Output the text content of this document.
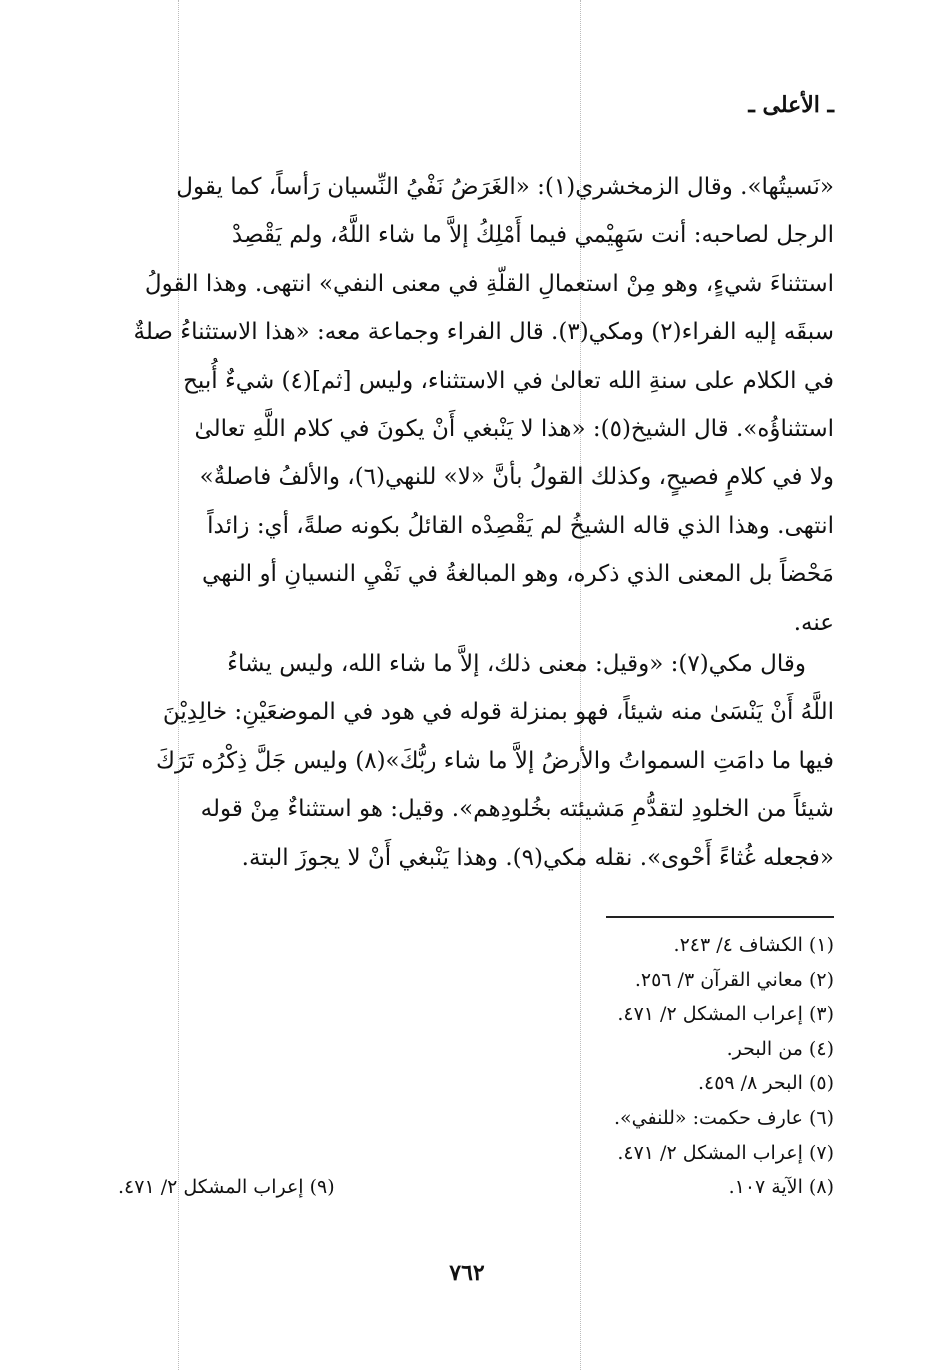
ـ الأعلى ـ
«نَسيتُها». وقال الزمخشري(١): «الغَرَضُ نَفْيُ النِّسيان رَأساً، كما يقول
الرجل لصاحبه: أنت سَهِيْمي فيما أَمْلِكُ إلاَّ ما شاء اللَّهُ، ولم يَقْصِدْ
استثناءَ شيءٍ، وهو مِنْ استعمالِ القلّةِ في معنى النفي» انتهى. وهذا القولُ
سبقَه إليه الفراء(٢) ومكي(٣). قال الفراء وجماعة معه: «هذا الاستثناءُ صلةٌ
في الكلام على سنةِ الله تعالىٰ في الاستثناء، وليس [ثم](٤) شيءٌ أُبيح
استثناؤُه». قال الشيخ(٥): «هذا لا يَنْبغي أَنْ يكونَ في كلام اللَّهِ تعالىٰ
ولا في كلامٍ فصيحٍ، وكذلك القولُ بأنَّ «لا» للنهي(٦)، والألفُ فاصلةٌ»
انتهى. وهذا الذي قاله الشيخُ لم يَقْصِدْه القائلُ بكونه صلةً، أي: زائداً
مَحْضاً بل المعنى الذي ذكره، وهو المبالغةُ في نَفْيِ النسيانِ أو النهي
عنه.
وقال مكي(٧): «وقيل: معنى ذلك، إلاَّ ما شاء الله، وليس يشاءُ
اللَّهُ أَنْ يَنْسَىٰ منه شيئاً، فهو بمنزلة قوله في هود في الموضعَيْنِ: خالِدِيْنَ
فيها ما دامَتِ السمواتُ والأرضُ إلاَّ ما شاء ربُّكَ»(٨) وليس جَلَّ ذِكْرُه تَرَكَ
شيئاً من الخلودِ لتقدُّمِ مَشيئته بخُلودِهم». وقيل: هو استثناءٌ مِنْ قوله
«فجعله غُثاءً أَحْوى». نقله مكي(٩). وهذا يَنْبغي أَنْ لا يجوزَ البتة.
(١) الكشاف ٤/ ٢٤٣.
(٢) معاني القرآن ٣/ ٢٥٦.
(٣) إعراب المشكل ٢/ ٤٧١.
(٤) من البحر.
(٥) البحر ٨/ ٤٥٩.
(٦) عارف حكمت: «للنفي».
(٧) إعراب المشكل ٢/ ٤٧١.
(٨) الآية ١٠٧.
(٩) إعراب المشكل ٢/ ٤٧١.
٧٦٢
